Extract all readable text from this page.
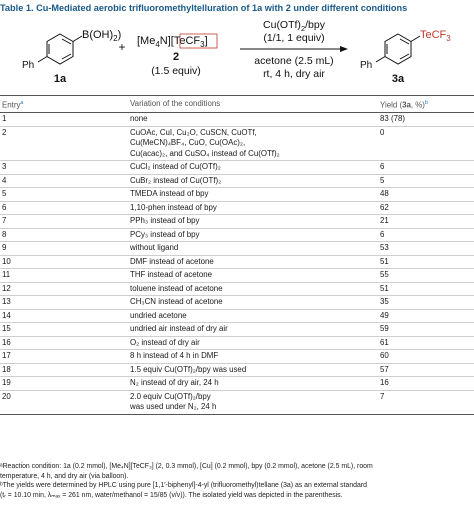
Table 1. Cu-Mediated aerobic trifluoromethyltelluration of 1a with 2 under different conditions
$B(OH)_2$)
Ph
1a
+ $[Me_4N][TeCF_3]$
2
(1.5 equiv)
$Cu(OTf)_2$/bpy
(1/1, 1 equiv)
acetone (2.5 mL)
rt, 4 h, dry air
TeCF$_3$
Ph
3a
Entry$^a$	Variation of the conditions	Yield (3a, %)$^b$
1	none	83 (78)
2	CuOAc, CuI, Cu₂O, CuSCN, CuOTf,
Cu(MeCN)₄BF₄, CuO, Cu(OAc)₂,
Cu(acac)₂, and CuSO₄ instead of Cu(OTf)₂	0
3	CuCl₂ instead of Cu(OTf)₂	6
4	CuBr₂ instead of Cu(OTf)₂	5
5	TMEDA instead of bpy	48
6	1,10-phen instead of bpy	62
7	PPh₃ instead of bpy	21
8	PCy₃ instead of bpy	6
9	without ligand	53
10	DMF instead of acetone	51
11	THF instead of acetone	55
12	toluene instead of acetone	51
13	CH₃CN instead of acetone	35
14	undried acetone	49
15	undried air instead of dry air	59
16	O₂ instead of dry air	61
17	8 h instead of 4 h in DMF	60
18	1.5 equiv Cu(OTf)₂/bpy was used	57
19	N₂ instead of dry air, 24 h	16
20	2.0 equiv Cu(OTf)₂/bpy
was used under N₂, 24 h	7
ᵃReaction condition: 1a (0.2 mmol), [Me₄N][TeCF₃] (2, 0.3 mmol), [Cu] (0.2 mmol), bpy (0.2 mmol), acetone (2.5 mL), room
temperature, 4 h, and dry air (via balloon).
ᵇThe yields were determined by HPLC using pure [1,1′-biphenyl]-4-yl (trifluoromethyl)tellane (3a) as an external standard
(tᵣ = 10.10 min, λₘₐₓ = 261 nm, water/methanol = 15/85 (v/v)). The isolated yield was depicted in the parenthesis.
